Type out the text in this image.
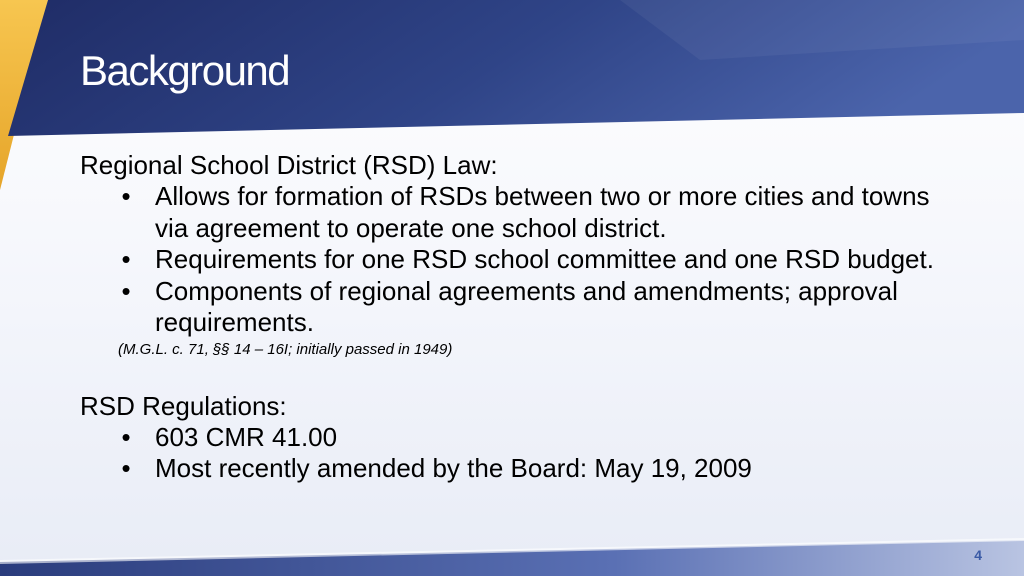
Background

Regional School District (RSD) Law:

• Allows for formation of RSDs between two or more cities and towns via agreement to operate one school district.
• Requirements for one RSD school committee and one RSD budget.
• Components of regional agreements and amendments; approval requirements.

(M.G.L. c. 71, §§ 14 – 16I; initially passed in 1949)

RSD Regulations:

• 603 CMR 41.00
• Most recently amended by the Board: May 19, 2009
4
